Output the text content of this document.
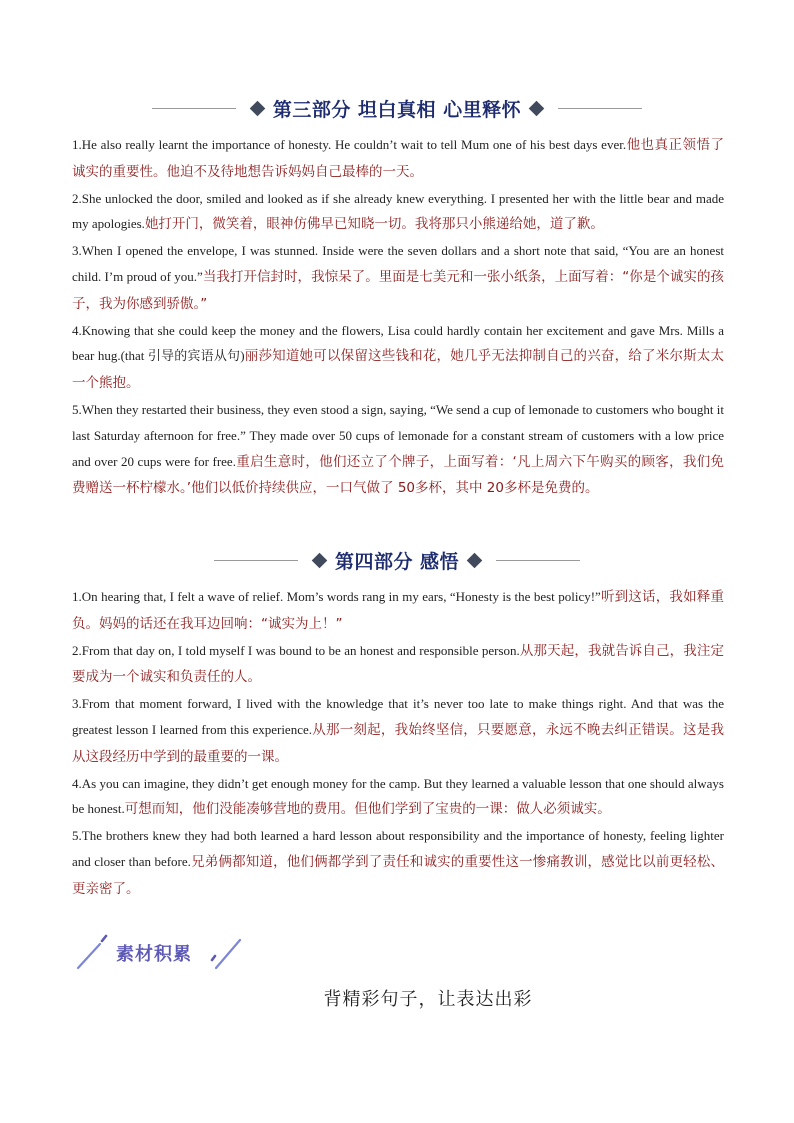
第三部分 坦白真相 心里释怀

1.He also really learnt the importance of honesty. He couldn’t wait to tell Mum one of his best days ever.他也真正领悟了诚实的重要性。他迫不及待地想告诉妈妈自己最棒的一天。

2.She unlocked the door, smiled and looked as if she already knew everything. I presented her with the little bear and made my apologies.她打开门，微笑着，眼神仿佛早已知晓一切。我将那只小熊递给她，道了歉。

3.When I opened the envelope, I was stunned. Inside were the seven dollars and a short note that said, “You are an honest child. I’m proud of you.”当我打开信封时，我惊呆了。里面是七美元和一张小纸条，上面写着：“你是个诚实的孩子，我为你感到骄傲。”

4.Knowing that she could keep the money and the flowers, Lisa could hardly contain her excitement and gave Mrs. Mills a bear hug.(that 引导的宾语从句)丽莎知道她可以保留这些钱和花，她几乎无法抑制自己的兴奋，给了米尔斯太太一个熊抱。

5.When they restarted their business, they even stood a sign, saying, “We send a cup of lemonade to customers who bought it last Saturday afternoon for free.” They made over 50 cups of lemonade for a constant stream of customers with a low price and over 20 cups were for free.重启生意时，他们还立了个牌子，上面写着：‘凡上周六下午购买的顾客，我们免费赠送一杯柠檬水。’他们以低价持续供应，一口气做了 50多杯，其中 20多杯是免费的。

第四部分 感悟

1.On hearing that, I felt a wave of relief. Mom’s words rang in my ears, “Honesty is the best policy!”听到这话，我如释重负。妈妈的话还在我耳边回响：“诚实为上！”

2.From that day on, I told myself I was bound to be an honest and responsible person.从那天起，我就告诉自己，我注定要成为一个诚实和负责任的人。

3.From that moment forward, I lived with the knowledge that it’s never too late to make things right. And that was the greatest lesson I learned from this experience.从那一刻起，我始终坚信，只要愿意，永远不晚去纠正错误。这是我从这段经历中学到的最重要的一课。

4.As you can imagine, they didn’t get enough money for the camp. But they learned a valuable lesson that one should always be honest.可想而知，他们没能凑够营地的费用。但他们学到了宝贵的一课：做人必须诚实。

5.The brothers knew they had both learned a hard lesson about responsibility and the importance of honesty, feeling lighter and closer than before.兄弟俩都知道，他们俩都学到了责任和诚实的重要性这一惨痛教训，感觉比以前更轻松、更亲密了。

素材积累
背精彩句子，让表达出彩
